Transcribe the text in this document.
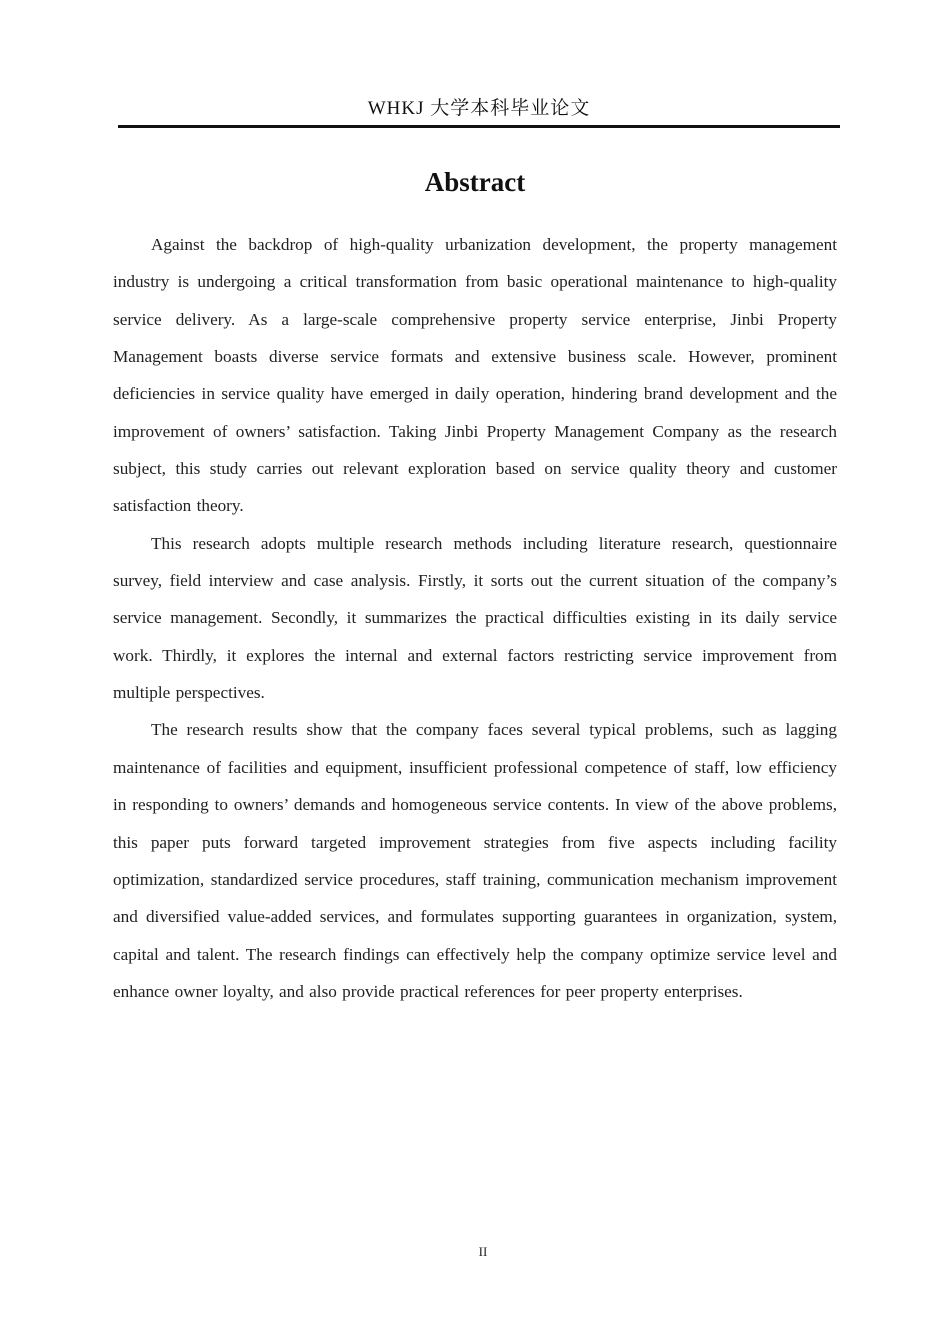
WHKJ 大学本科毕业论文
Abstract

Against the backdrop of high-quality urbanization development, the property management industry is undergoing a critical transformation from basic operational maintenance to high-quality service delivery. As a large-scale comprehensive property service enterprise, Jinbi Property Management boasts diverse service formats and extensive business scale. However, prominent deficiencies in service quality have emerged in daily operation, hindering brand development and the improvement of owners’ satisfaction. Taking Jinbi Property Management Company as the research subject, this study carries out relevant exploration based on service quality theory and customer satisfaction theory.

This research adopts multiple research methods including literature research, questionnaire survey, field interview and case analysis. Firstly, it sorts out the current situation of the company’s service management. Secondly, it summarizes the practical difficulties existing in its daily service work. Thirdly, it explores the internal and external factors restricting service improvement from multiple perspectives.

The research results show that the company faces several typical problems, such as lagging maintenance of facilities and equipment, insufficient professional competence of staff, low efficiency in responding to owners’ demands and homogeneous service contents. In view of the above problems, this paper puts forward targeted improvement strategies from five aspects including facility optimization, standardized service procedures, staff training, communication mechanism improvement and diversified value-added services, and formulates supporting guarantees in organization, system, capital and talent. The research findings can effectively help the company optimize service level and enhance owner loyalty, and also provide practical references for peer property enterprises.

II
